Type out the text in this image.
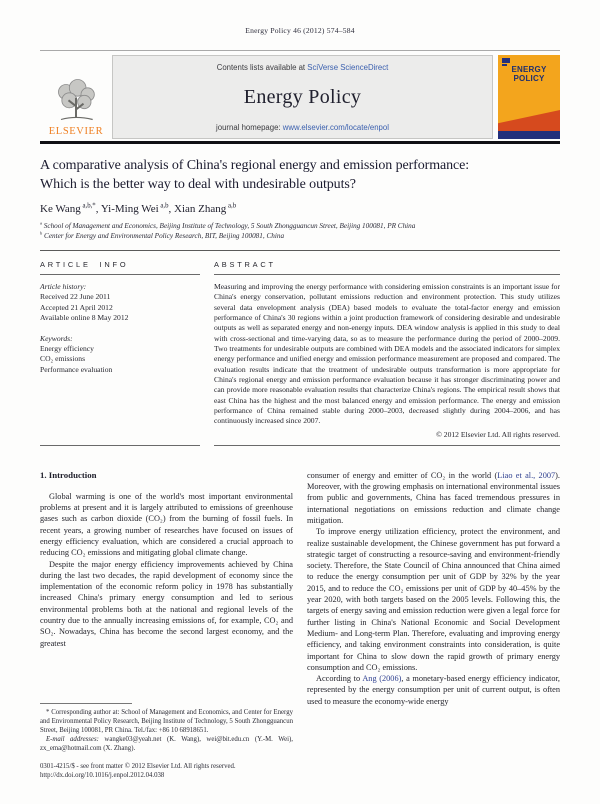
Energy Policy 46 (2012) 574–584
ELSEVIER
Contents lists available at SciVerse ScienceDirect
Energy Policy
journal homepage: www.elsevier.com/locate/enpol
ENERGY
POLICY
A comparative analysis of China's regional energy and emission performance:
Which is the better way to deal with undesirable outputs?
Ke Wang $^{a,b,*}$, Yi-Ming Wei $^{a,b}$, Xian Zhang $^{a,b}$
$^a$ School of Management and Economics, Beijing Institute of Technology, 5 South Zhongguancun Street, Beijing 100081, PR China
$^b$ Center for Energy and Environmental Policy Research, BIT, Beijing 100081, China
ARTICLE INFO
Article history:
Received 22 June 2011
Accepted 21 April 2012
Available online 8 May 2012
Keywords:
Energy efficiency
CO₂ emissions
Performance evaluation
ABSTRACT

Measuring and improving the energy performance with considering emission constraints is an important issue for China's energy conservation, pollutant emissions reduction and environment protection. This study utilizes several data envelopment analysis (DEA) based models to evaluate the total-factor energy and emission performance of China's 30 regions within a joint production framework of considering desirable and undesirable outputs as well as separated energy and non-energy inputs. DEA window analysis is applied in this study to deal with cross-sectional and time-varying data, so as to measure the performance during the period of 2000–2009. Two treatments for undesirable outputs are combined with DEA models and the associated indicators for simplex energy performance and unified energy and emission performance measurement are proposed and compared. The evaluation results indicate that the treatment of undesirable outputs transformation is more appropriate for China's regional energy and emission performance evaluation because it has stronger discriminating power and can provide more reasonable evaluation results that characterize China's regions. The empirical result shows that east China has the highest and the most balanced energy and emission performance. The energy and emission performance of China remained stable during 2000–2003, decreased slightly during 2004–2006, and has continuously increased since 2007.

© 2012 Elsevier Ltd. All rights reserved.
1. Introduction

Global warming is one of the world's most important environmental problems at present and it is largely attributed to emissions of greenhouse gases such as carbon dioxide (CO₂) from the burning of fossil fuels. In recent years, a growing number of researches have focused on issues of energy efficiency evaluation, which are considered a crucial approach to reducing CO₂ emissions and mitigating global climate change.

Despite the major energy efficiency improvements achieved by China during the last two decades, the rapid development of economy since the implementation of the economic reform policy in 1978 has substantially increased China's primary energy consumption and led to serious environmental problems both at the national and regional levels of the country due to the annually increasing emissions of, for example, CO₂ and SO₂. Nowadays, China has become the second largest economy, and the greatest

* Corresponding author at: School of Management and Economics, and Center for Energy and Environmental Policy Research, Beijing Institute of Technology, 5 South Zhongguancun Street, Beijing 100081, PR China. Tel./fax: +86 10 68918651.

E-mail addresses: wangke03@yeah.net (K. Wang), wei@bit.edu.cn (Y.-M. Wei), zx_ema@hotmail.com (X. Zhang).

0301-4215/$ - see front matter © 2012 Elsevier Ltd. All rights reserved.

http://dx.doi.org/10.1016/j.enpol.2012.04.038

consumer of energy and emitter of CO₂ in the world (Liao et al., 2007). Moreover, with the growing emphasis on international environmental issues from public and governments, China has faced tremendous pressures in international negotiations on emissions reduction and climate change mitigation.

To improve energy utilization efficiency, protect the environment, and realize sustainable development, the Chinese government has put forward a strategic target of constructing a resource-saving and environment-friendly society. Therefore, the State Council of China announced that China aimed to reduce the energy consumption per unit of GDP by 32% by the year 2015, and to reduce the CO₂ emissions per unit of GDP by 40–45% by the year 2020, with both targets based on the 2005 levels. Following this, the targets of energy saving and emission reduction were given a legal force for further listing in China's National Economic and Social Development Medium- and Long-term Plan. Therefore, evaluating and improving energy efficiency, and taking environment constraints into consideration, is quite important for China to slow down the rapid growth of primary energy consumption and CO₂ emissions.

According to Ang (2006), a monetary-based energy efficiency indicator, represented by the energy consumption per unit of current output, is often used to measure the economy-wide energy
